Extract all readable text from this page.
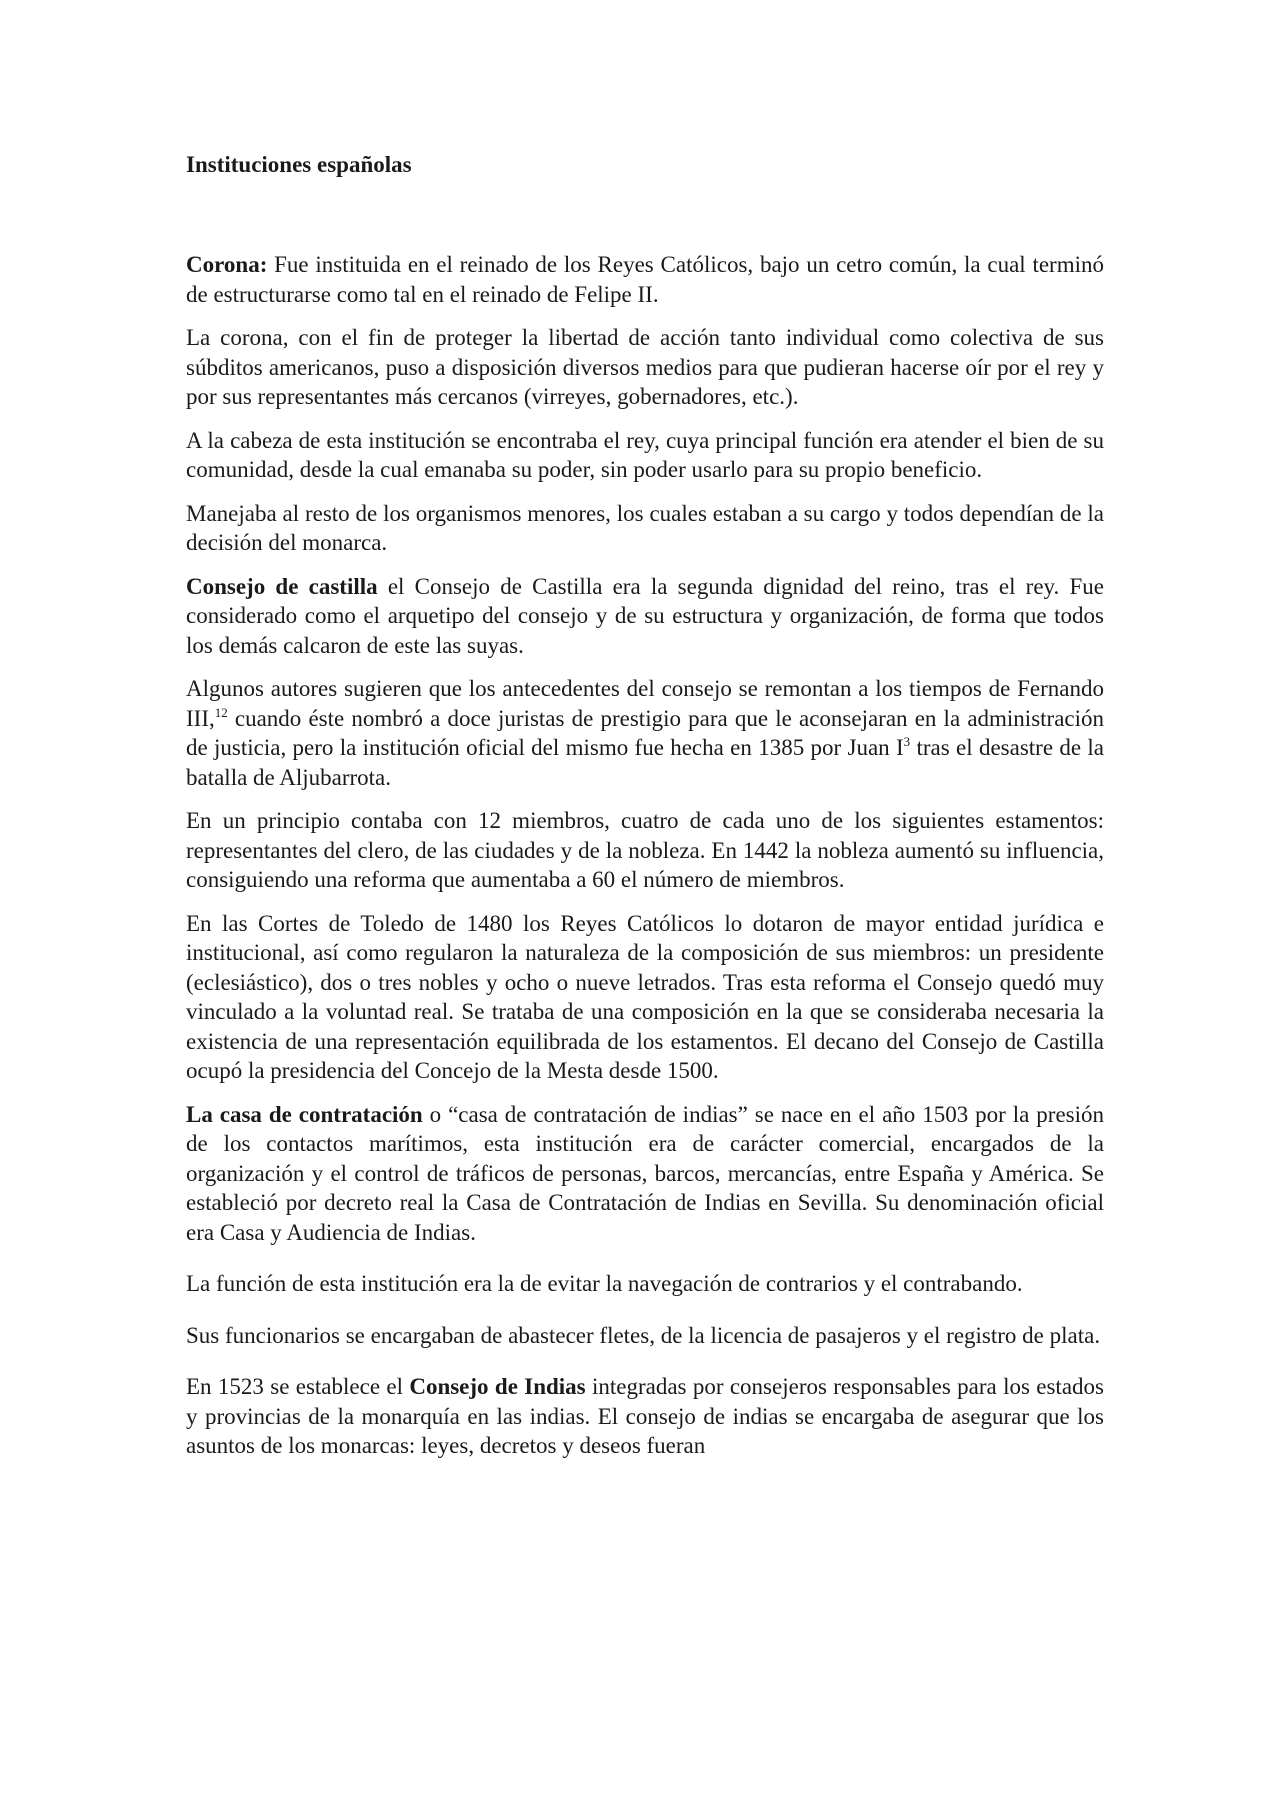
Instituciones españolas

Corona: Fue instituida en el reinado de los Reyes Católicos, bajo un cetro común, la cual terminó de estructurarse como tal en el reinado de Felipe II.

La corona, con el fin de proteger la libertad de acción tanto individual como colectiva de sus súbditos americanos, puso a disposición diversos medios para que pudieran hacerse oír por el rey y por sus representantes más cercanos (virreyes, gobernadores, etc.).

A la cabeza de esta institución se encontraba el rey, cuya principal función era atender el bien de su comunidad, desde la cual emanaba su poder, sin poder usarlo para su propio beneficio.

Manejaba al resto de los organismos menores, los cuales estaban a su cargo y todos dependían de la decisión del monarca.

Consejo de castilla el Consejo de Castilla era la segunda dignidad del reino, tras el rey. Fue considerado como el arquetipo del consejo y de su estructura y organización, de forma que todos los demás calcaron de este las suyas.

Algunos autores sugieren que los antecedentes del consejo se remontan a los tiempos de Fernando III,$^{12}$ cuando éste nombró a doce juristas de prestigio para que le aconsejaran en la administración de justicia, pero la institución oficial del mismo fue hecha en 1385 por Juan $I^3$ tras el desastre de la batalla de Aljubarrota.

En un principio contaba con 12 miembros, cuatro de cada uno de los siguientes estamentos: representantes del clero, de las ciudades y de la nobleza. En 1442 la nobleza aumentó su influencia, consiguiendo una reforma que aumentaba a 60 el número de miembros.

En las Cortes de Toledo de 1480 los Reyes Católicos lo dotaron de mayor entidad jurídica e institucional, así como regularon la naturaleza de la composición de sus miembros: un presidente (eclesiástico), dos o tres nobles y ocho o nueve letrados. Tras esta reforma el Consejo quedó muy vinculado a la voluntad real. Se trataba de una composición en la que se consideraba necesaria la existencia de una representación equilibrada de los estamentos. El decano del Consejo de Castilla ocupó la presidencia del Concejo de la Mesta desde 1500.

La casa de contratación o “casa de contratación de indias” se nace en el año 1503 por la presión de los contactos marítimos, esta institución era de carácter comercial, encargados de la organización y el control de tráficos de personas, barcos, mercancías, entre España y América. Se estableció por decreto real la Casa de Contratación de Indias en Sevilla. Su denominación oficial era Casa y Audiencia de Indias.

La función de esta institución era la de evitar la navegación de contrarios y el contrabando.

Sus funcionarios se encargaban de abastecer fletes, de la licencia de pasajeros y el registro de plata.

En 1523 se establece el Consejo de Indias integradas por consejeros responsables para los estados y provincias de la monarquía en las indias. El consejo de indias se encargaba de asegurar que los asuntos de los monarcas: leyes, decretos y deseos fueran
